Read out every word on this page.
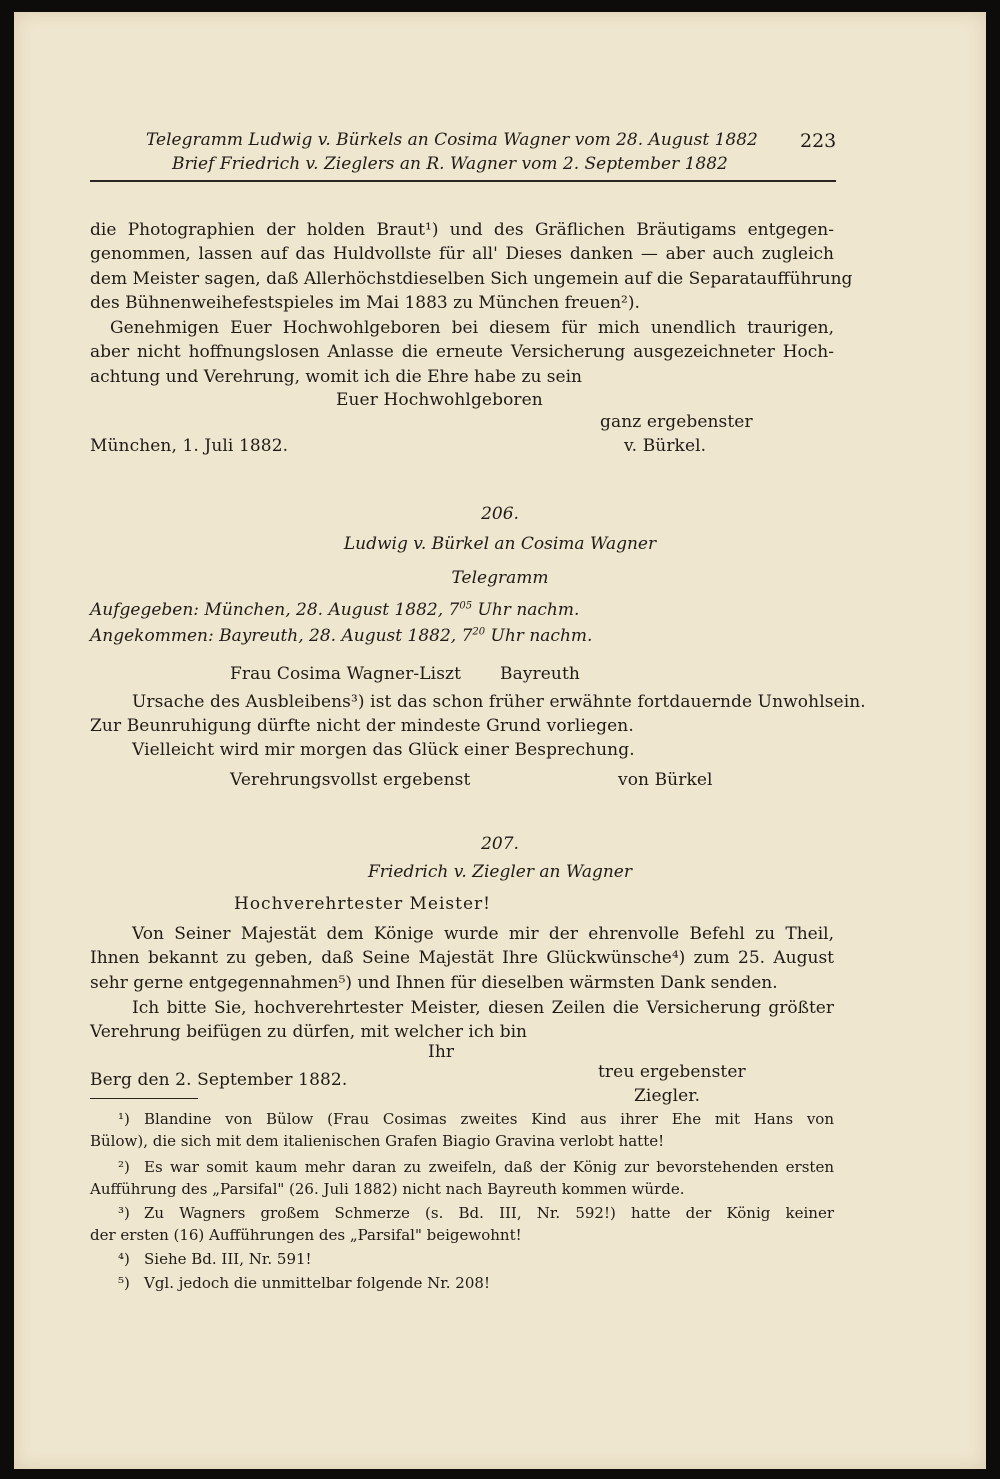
Telegramm Ludwig v. Bürkels an Cosima Wagner vom 28. August 1882
Brief Friedrich v. Zieglers an R. Wagner vom 2. September 1882
223
die Photographien der holden Braut¹) und des Gräflichen Bräutigams entgegen-
genommen, lassen auf das Huldvollste für all' Dieses danken — aber auch zugleich
dem Meister sagen, daß Allerhöchstdieselben Sich ungemein auf die Separataufführung
des Bühnenweihefestspieles im Mai 1883 zu München freuen²).
Genehmigen Euer Hochwohlgeboren bei diesem für mich unendlich traurigen,
aber nicht hoffnungslosen Anlasse die erneute Versicherung ausgezeichneter Hoch-
achtung und Verehrung, womit ich die Ehre habe zu sein
Euer Hochwohlgeboren
ganz ergebenster
München, 1. Juli 1882.	v. Bürkel.
206.
Ludwig v. Bürkel an Cosima Wagner
Telegramm
Aufgegeben: München, 28. August 1882, $7^{05}$ Uhr nachm.
Angekommen: Bayreuth, 28. August 1882, $7^{20}$ Uhr nachm.
Frau Cosima Wagner-Liszt Bayreuth
Ursache des Ausbleibens³) ist das schon früher erwähnte fortdauernde Unwohlsein.
Zur Beunruhigung dürfte nicht der mindeste Grund vorliegen.
Vielleicht wird mir morgen das Glück einer Besprechung.
Verehrungsvollst ergebenst	von Bürkel
207.
Friedrich v. Ziegler an Wagner
Hochverehrtester Meister!
Von Seiner Majestät dem Könige wurde mir der ehrenvolle Befehl zu Theil,
Ihnen bekannt zu geben, daß Seine Majestät Ihre Glückwünsche⁴) zum 25. August
sehr gerne entgegennahmen⁵) und Ihnen für dieselben wärmsten Dank senden.
Ich bitte Sie, hochverehrtester Meister, diesen Zeilen die Versicherung größter
Verehrung beifügen zu dürfen, mit welcher ich bin
Ihr
treu ergebenster
Berg den 2. September 1882.
Ziegler.
¹) Blandine von Bülow (Frau Cosimas zweites Kind aus ihrer Ehe mit Hans von
Bülow), die sich mit dem italienischen Grafen Biagio Gravina verlobt hatte!
²) Es war somit kaum mehr daran zu zweifeln, daß der König zur bevorstehenden ersten
Aufführung des „Parsifal" (26. Juli 1882) nicht nach Bayreuth kommen würde.
³) Zu Wagners großem Schmerze (s. Bd. III, Nr. 592!) hatte der König keiner
der ersten (16) Aufführungen des „Parsifal" beigewohnt!
⁴) Siehe Bd. III, Nr. 591!
⁵) Vgl. jedoch die unmittelbar folgende Nr. 208!
